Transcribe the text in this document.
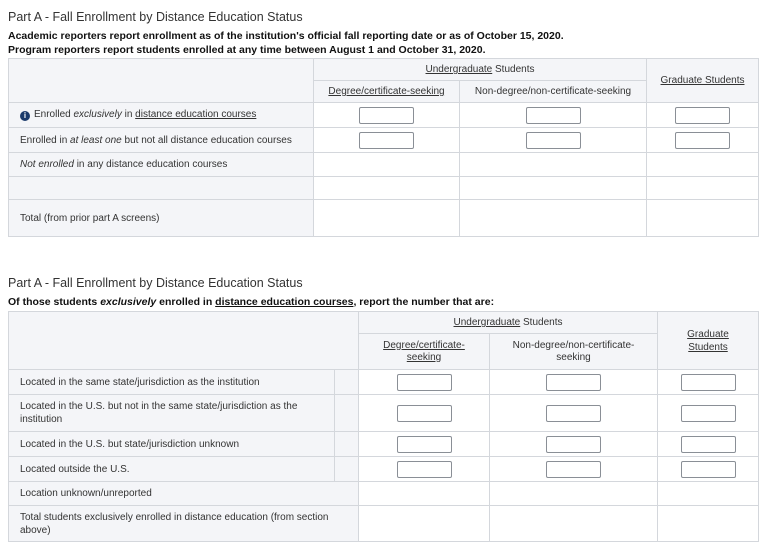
Part A - Fall Enrollment by Distance Education Status
Academic reporters report enrollment as of the institution's official fall reporting date or as of October 15, 2020.
Program reporters report students enrolled at any time between August 1 and October 31, 2020.
	Undergraduate Students		Graduate Students
	Degree/certificate-seeking	Non-degree/non-certificate-seeking	
i Enrolled exclusively in distance education courses	

Enrolled in at least one but not all distance education courses	

Not enrolled in any distance education courses			

Total (from prior part A screens)			
Part A - Fall Enrollment by Distance Education Status
Of those students exclusively enrolled in distance education courses, report the number that are:
		Undergraduate Students		Graduate Students
		Degree/certificate-seeking	Non-degree/non-certificate-seeking	
Located in the same state/jurisdiction as the institution		

Located in the U.S. but not in the same state/jurisdiction as the institution		

Located in the U.S. but state/jurisdiction unknown		

Located outside the U.S.		

Location unknown/unreported				
Total students exclusively enrolled in distance education (from section above)				
